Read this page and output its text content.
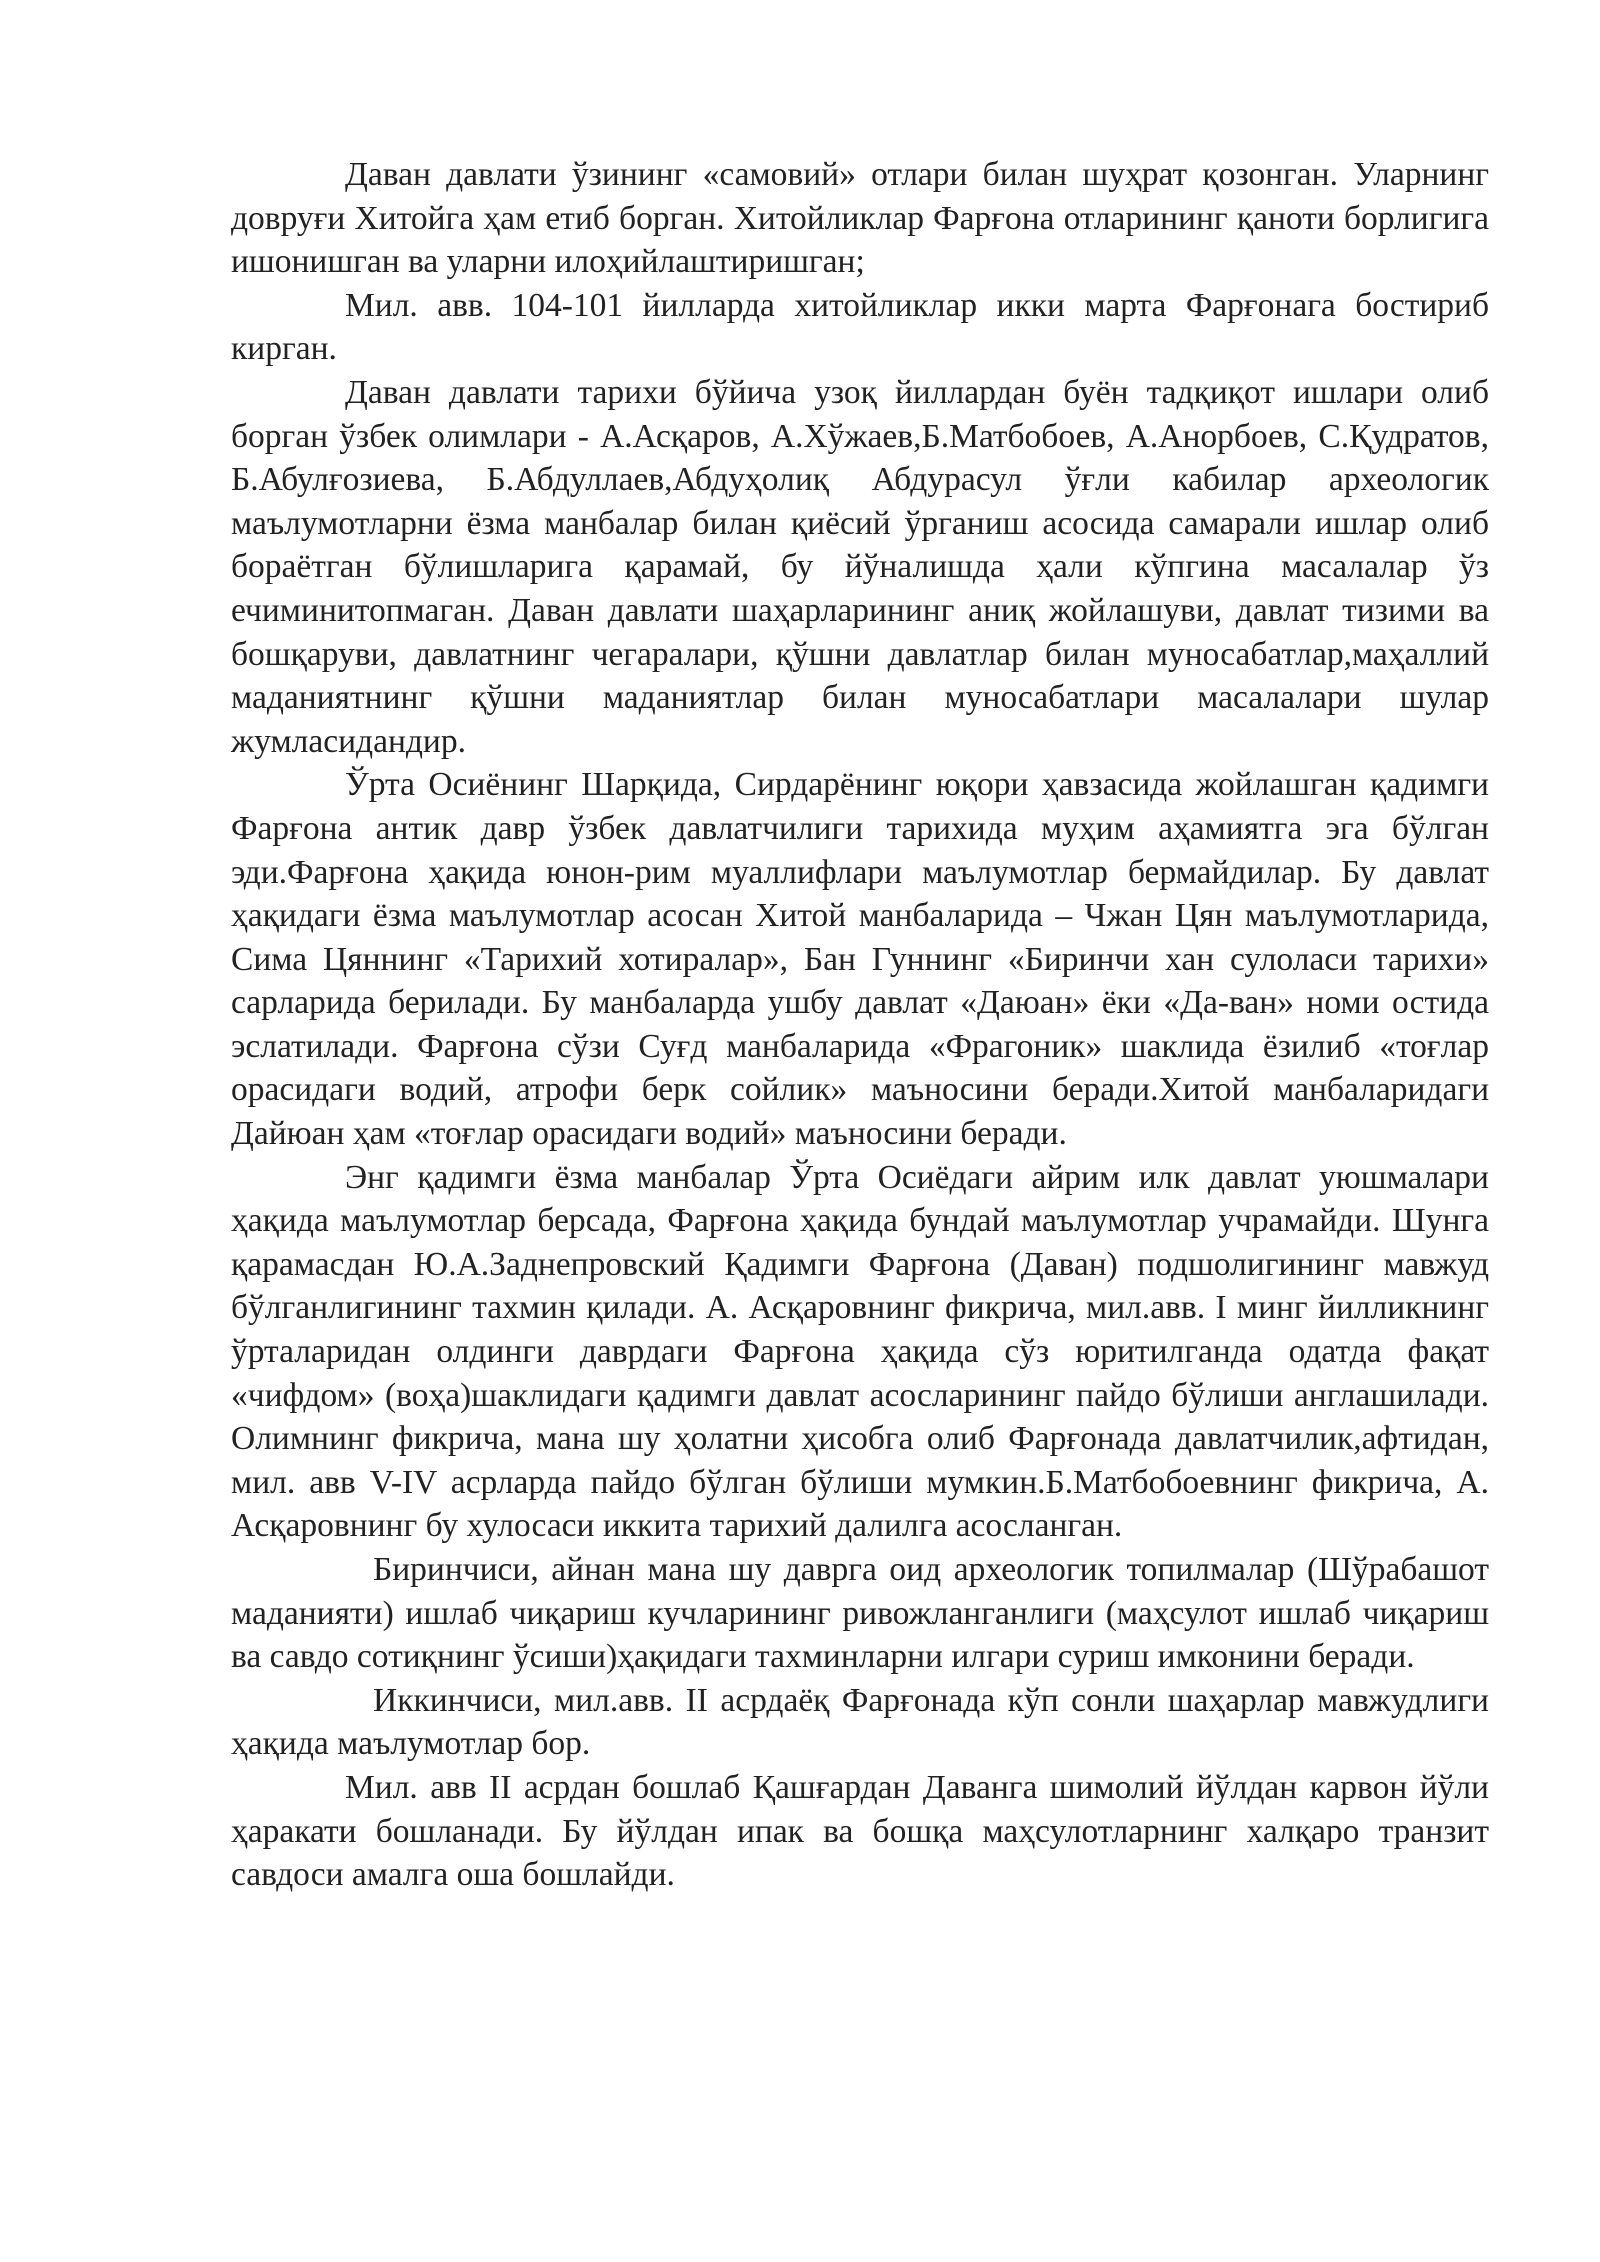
Даван давлати ўзининг «самовий» отлари билан шуҳрат қозонган. Уларнинг довруғи Хитойга ҳам етиб борган. Хитойликлар Фарғона отларининг қаноти борлигига ишонишган ва уларни илоҳийлаштиришган;

Мил. авв. 104-101 йилларда хитойликлар икки марта Фарғонага бостириб кирган.

Даван давлати тарихи бўйича узоқ йиллардан буён тадқиқот ишлари олиб борган ўзбек олимлари - А.Асқаров, А.Хўжаев,Б.Матбобоев, А.Анорбоев, С.Қудратов, Б.Абулғозиева, Б.Абдуллаев,Абдуҳолиқ Абдурасул ўғли кабилар археологик маълумотларни ёзма манбалар билан қиёсий ўрганиш асосида самарали ишлар олиб бораётган бўлишларига қарамай, бу йўналишда ҳали кўпгина масалалар ўз ечиминитопмаган. Даван давлати шаҳарларининг аниқ жойлашуви, давлат тизими ва бошқаруви, давлатнинг чегаралари, қўшни давлатлар билан муносабатлар,маҳаллий маданиятнинг қўшни маданиятлар билан муносабатлари масалалари шулар жумласидандир.

Ўрта Осиёнинг Шарқида, Сирдарёнинг юқори ҳавзасида жойлашган қадимги Фарғона антик давр ўзбек давлатчилиги тарихида муҳим аҳамиятга эга бўлган эди.Фарғона ҳақида юнон-рим муаллифлари маълумотлар бермайдилар. Бу давлат ҳақидаги ёзма маълумотлар асосан Хитой манбаларида – Чжан Цян маълумотларида, Сима Цяннинг «Тарихий хотиралар», Бан Гуннинг «Биринчи хан сулоласи тарихи» сарларида берилади. Бу манбаларда ушбу давлат «Даюан» ёки «Да-ван» номи остида эслатилади. Фарғона сўзи Суғд манбаларида «Фрагоник» шаклида ёзилиб «тоғлар орасидаги водий, атрофи берк сойлик» маъносини беради.Хитой манбаларидаги Дайюан ҳам «тоғлар орасидаги водий» маъносини беради.

Энг қадимги ёзма манбалар Ўрта Осиёдаги айрим илк давлат уюшмалари ҳақида маълумотлар берсада, Фарғона ҳақида бундай маълумотлар учрамайди. Шунга қарамасдан Ю.А.Заднепровский Қадимги Фарғона (Даван) подшолигининг мавжуд бўлганлигининг тахмин қилади. А. Асқаровнинг фикрича, мил.авв. I минг йилликнинг ўрталаридан олдинги даврдаги Фарғона ҳақида сўз юритилганда одатда фақат «чифдом» (воҳа)шаклидаги қадимги давлат асосларининг пайдо бўлиши англашилади. Олимнинг фикрича, мана шу ҳолатни ҳисобга олиб Фарғонада давлатчилик,афтидан, мил. авв V-IV асрларда пайдо бўлган бўлиши мумкин.Б.Матбобоевнинг фикрича, А. Асқаровнинг бу хулосаси иккита тарихий далилга асосланган.

Биринчиси, айнан мана шу даврга оид археологик топилмалар (Шўрабашот маданияти) ишлаб чиқариш кучларининг ривожланганлиги (маҳсулот ишлаб чиқариш ва савдо сотиқнинг ўсиши)ҳақидаги тахминларни илгари суриш имконини беради.

Иккинчиси, мил.авв. II асрдаёқ Фарғонада кўп сонли шаҳарлар мавжудлиги ҳақида маълумотлар бор.

Мил. авв II асрдан бошлаб Қашғардан Даванга шимолий йўлдан карвон йўли ҳаракати бошланади. Бу йўлдан ипак ва бошқа маҳсулотларнинг халқаро транзит савдоси амалга оша бошлайди.
